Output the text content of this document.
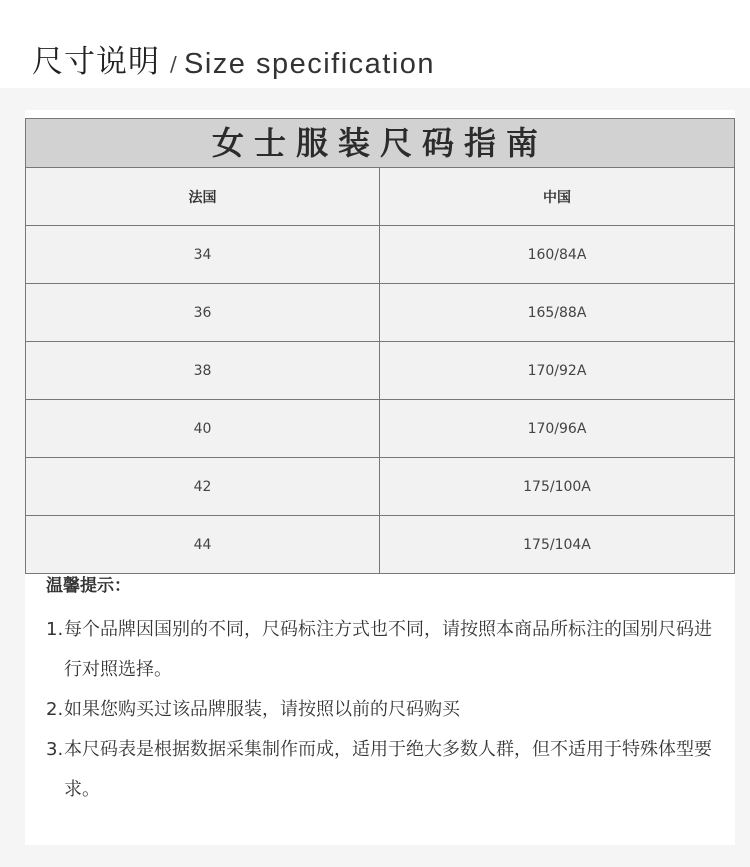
尺寸说明 / Size specification
女士服装尺码指南
法国	中国
34	160/84A
36	165/88A
38	170/92A
40	170/96A
42	175/100A
44	175/104A
温馨提示：
1.每个品牌因国别的不同，尺码标注方式也不同，请按照本商品所标注的国别尺码进行对照选择。
2.如果您购买过该品牌服装，请按照以前的尺码购买
3.本尺码表是根据数据采集制作而成，适用于绝大多数人群，但不适用于特殊体型要求。
